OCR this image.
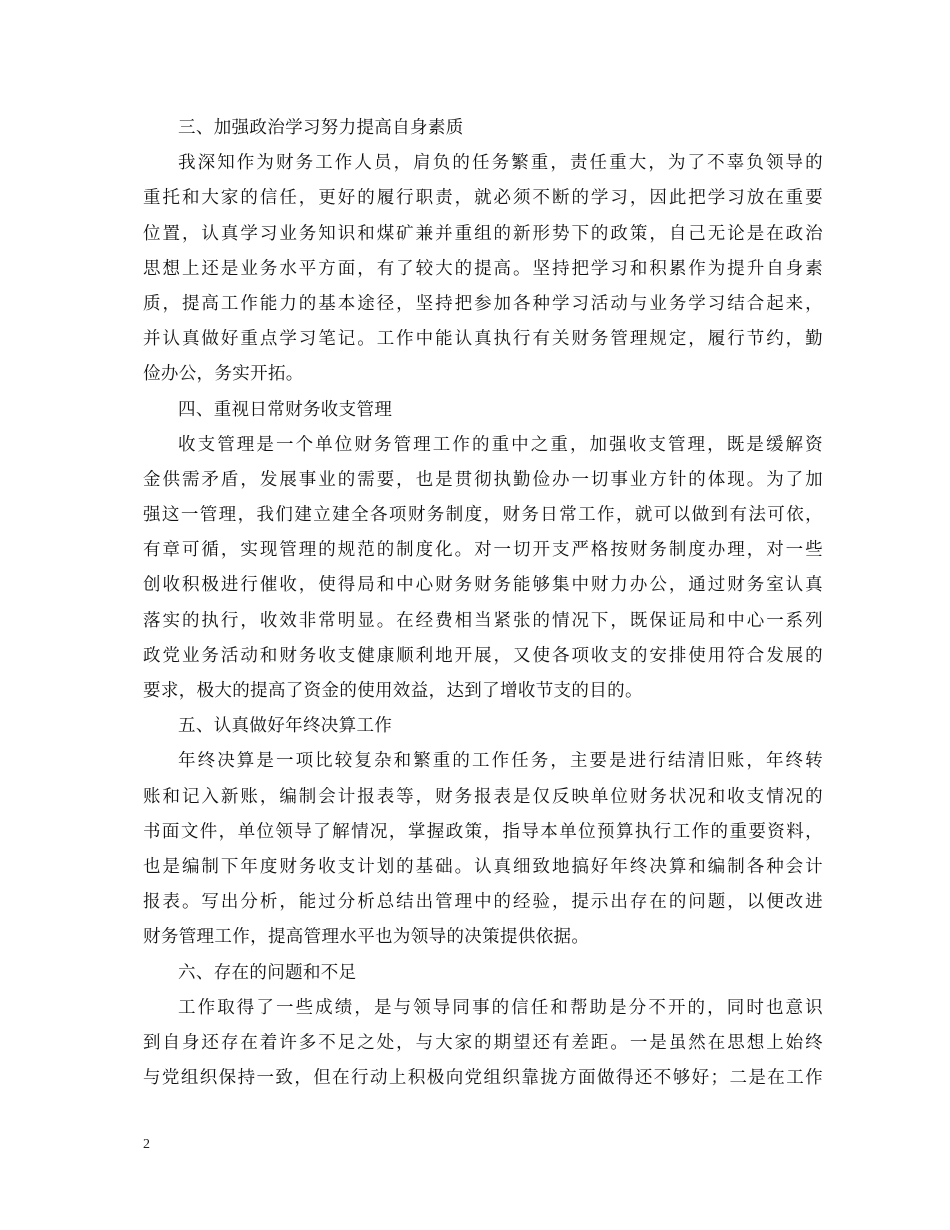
三、加强政治学习努力提高自身素质
我深知作为财务工作人员，肩负的任务繁重，责任重大，为了不辜负领导的
重托和大家的信任，更好的履行职责，就必须不断的学习，因此把学习放在重要
位置，认真学习业务知识和煤矿兼并重组的新形势下的政策，自己无论是在政治
思想上还是业务水平方面，有了较大的提高。坚持把学习和积累作为提升自身素
质，提高工作能力的基本途径，坚持把参加各种学习活动与业务学习结合起来，
并认真做好重点学习笔记。工作中能认真执行有关财务管理规定，履行节约，勤
俭办公，务实开拓。
四、重视日常财务收支管理
收支管理是一个单位财务管理工作的重中之重，加强收支管理，既是缓解资
金供需矛盾，发展事业的需要，也是贯彻执勤俭办一切事业方针的体现。为了加
强这一管理，我们建立建全各项财务制度，财务日常工作，就可以做到有法可依，
有章可循，实现管理的规范的制度化。对一切开支严格按财务制度办理，对一些
创收积极进行催收，使得局和中心财务财务能够集中财力办公，通过财务室认真
落实的执行，收效非常明显。在经费相当紧张的情况下，既保证局和中心一系列
政党业务活动和财务收支健康顺利地开展，又使各项收支的安排使用符合发展的
要求，极大的提高了资金的使用效益，达到了增收节支的目的。
五、认真做好年终决算工作
年终决算是一项比较复杂和繁重的工作任务，主要是进行结清旧账，年终转
账和记入新账，编制会计报表等，财务报表是仅反映单位财务状况和收支情况的
书面文件，单位领导了解情况，掌握政策，指导本单位预算执行工作的重要资料，
也是编制下年度财务收支计划的基础。认真细致地搞好年终决算和编制各种会计
报表。写出分析，能过分析总结出管理中的经验，提示出存在的问题，以便改进
财务管理工作，提高管理水平也为领导的决策提供依据。
六、存在的问题和不足
工作取得了一些成绩，是与领导同事的信任和帮助是分不开的，同时也意识
到自身还存在着许多不足之处，与大家的期望还有差距。一是虽然在思想上始终
与党组织保持一致，但在行动上积极向党组织靠拢方面做得还不够好；二是在工作
2
